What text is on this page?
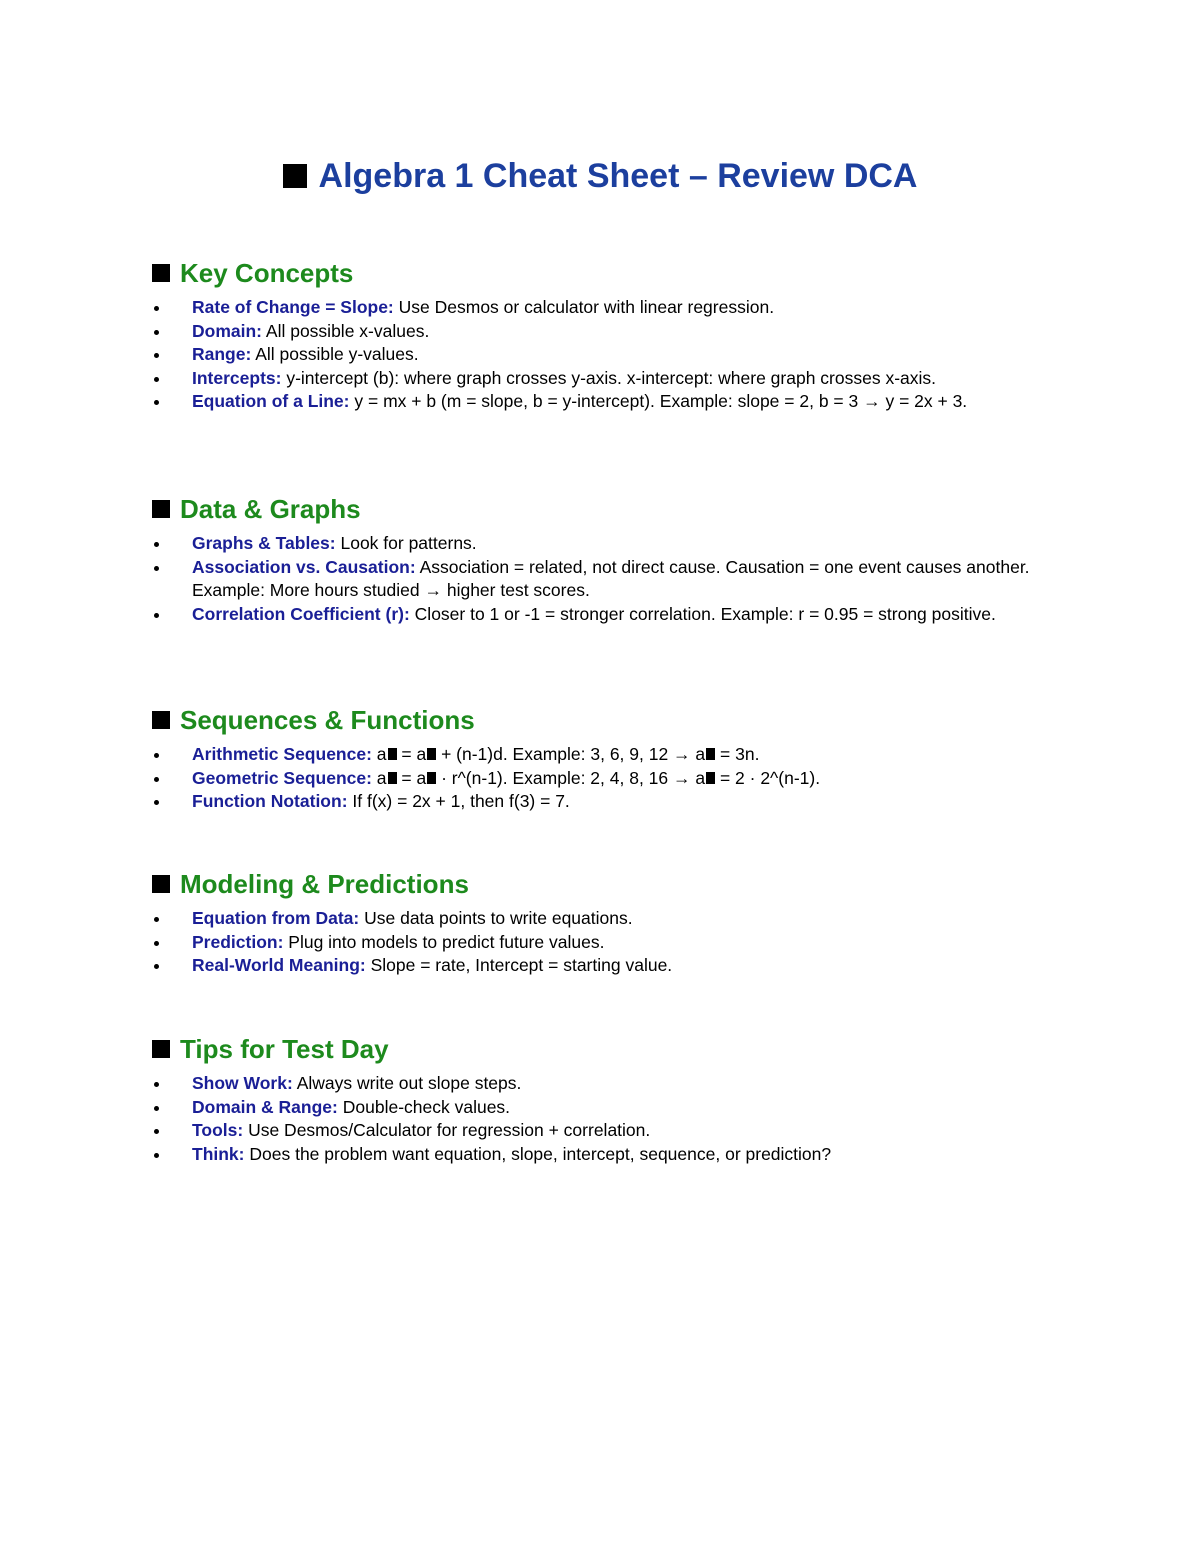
Algebra 1 Cheat Sheet – Review DCA
Key Concepts
Rate of Change = Slope: Use Desmos or calculator with linear regression.
Domain: All possible x-values.
Range: All possible y-values.
Intercepts: y-intercept (b): where graph crosses y-axis. x-intercept: where graph crosses x-axis.
Equation of a Line: y = mx + b (m = slope, b = y-intercept). Example: slope = 2, b = 3 → y = 2x + 3.
Data & Graphs
Graphs & Tables: Look for patterns.
Association vs. Causation: Association = related, not direct cause. Causation = one event causes another. Example: More hours studied → higher test scores.
Correlation Coefficient (r): Closer to 1 or -1 = stronger correlation. Example: r = 0.95 = strong positive.
Sequences & Functions
Arithmetic Sequence: a = a + (n-1)d. Example: 3, 6, 9, 12 → a = 3n.
Geometric Sequence: a = a · r^(n-1). Example: 2, 4, 8, 16 → a = 2 · 2^(n-1).
Function Notation: If f(x) = 2x + 1, then f(3) = 7.
Modeling & Predictions
Equation from Data: Use data points to write equations.
Prediction: Plug into models to predict future values.
Real-World Meaning: Slope = rate, Intercept = starting value.
Tips for Test Day
Show Work: Always write out slope steps.
Domain & Range: Double-check values.
Tools: Use Desmos/Calculator for regression + correlation.
Think: Does the problem want equation, slope, intercept, sequence, or prediction?
